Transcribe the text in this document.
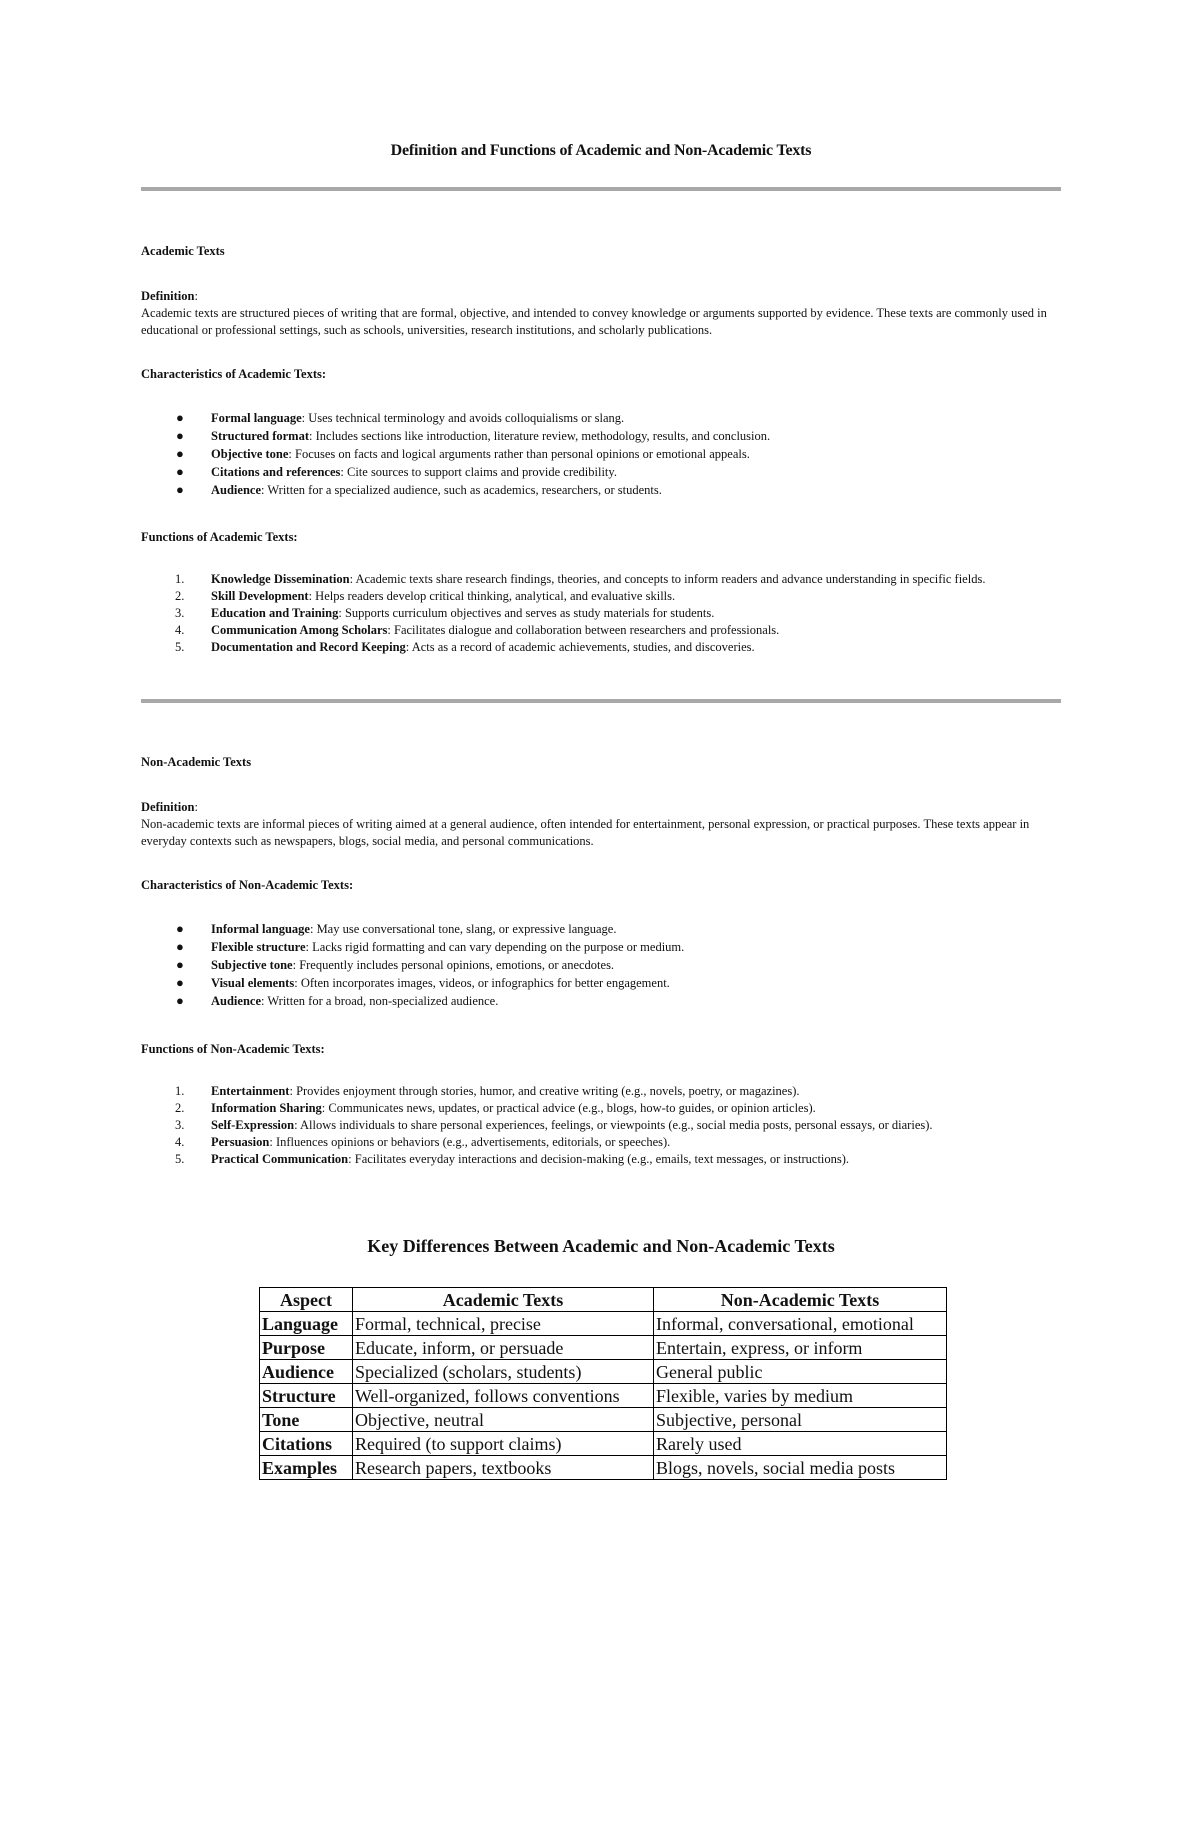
Definition and Functions of Academic and Non-Academic Texts
Academic Texts
Definition:

Academic texts are structured pieces of writing that are formal, objective, and intended to convey knowledge or arguments supported by evidence. These texts are commonly used in educational or professional settings, such as schools, universities, research institutions, and scholarly publications.

Characteristics of Academic Texts:
● Formal language: Uses technical terminology and avoids colloquialisms or slang.
● Structured format: Includes sections like introduction, literature review, methodology, results, and conclusion.
● Objective tone: Focuses on facts and logical arguments rather than personal opinions or emotional appeals.
● Citations and references: Cite sources to support claims and provide credibility.
● Audience: Written for a specialized audience, such as academics, researchers, or students.
Functions of Academic Texts:
1. Knowledge Dissemination: Academic texts share research findings, theories, and concepts to inform readers and advance understanding in specific fields.
2. Skill Development: Helps readers develop critical thinking, analytical, and evaluative skills.
3. Education and Training: Supports curriculum objectives and serves as study materials for students.
4. Communication Among Scholars: Facilitates dialogue and collaboration between researchers and professionals.
5. Documentation and Record Keeping: Acts as a record of academic achievements, studies, and discoveries.
Non-Academic Texts
Definition:

Non-academic texts are informal pieces of writing aimed at a general audience, often intended for entertainment, personal expression, or practical purposes. These texts appear in everyday contexts such as newspapers, blogs, social media, and personal communications.

Characteristics of Non-Academic Texts:
● Informal language: May use conversational tone, slang, or expressive language.
● Flexible structure: Lacks rigid formatting and can vary depending on the purpose or medium.
● Subjective tone: Frequently includes personal opinions, emotions, or anecdotes.
● Visual elements: Often incorporates images, videos, or infographics for better engagement.
● Audience: Written for a broad, non-specialized audience.
Functions of Non-Academic Texts:
1. Entertainment: Provides enjoyment through stories, humor, and creative writing (e.g., novels, poetry, or magazines).
2. Information Sharing: Communicates news, updates, or practical advice (e.g., blogs, how-to guides, or opinion articles).
3. Self-Expression: Allows individuals to share personal experiences, feelings, or viewpoints (e.g., social media posts, personal essays, or diaries).
4. Persuasion: Influences opinions or behaviors (e.g., advertisements, editorials, or speeches).
5. Practical Communication: Facilitates everyday interactions and decision-making (e.g., emails, text messages, or instructions).
Key Differences Between Academic and Non-Academic Texts
Aspect	Academic Texts	Non-Academic Texts
Language	Formal, technical, precise	Informal, conversational, emotional
Purpose	Educate, inform, or persuade	Entertain, express, or inform
Audience	Specialized (scholars, students)	General public
Structure	Well-organized, follows conventions	Flexible, varies by medium
Tone	Objective, neutral	Subjective, personal
Citations	Required (to support claims)	Rarely used
Examples	Research papers, textbooks	Blogs, novels, social media posts
